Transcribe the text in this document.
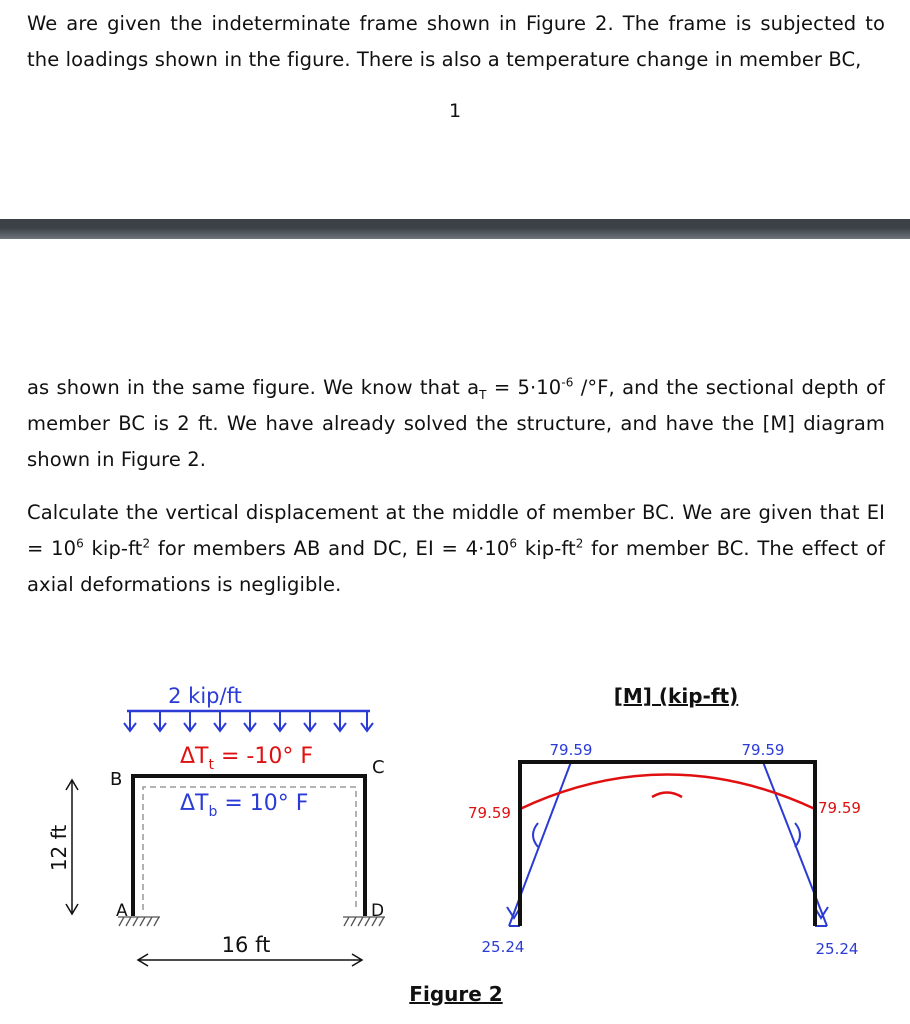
We are given the indeterminate frame shown in Figure 2. The frame is subjected to the loadings shown in the figure. There is also a temperature change in member BC,

1

as shown in the same figure. We know that $a_T = 5\cdot 10^{-6}$ /°F, and the sectional depth of member BC is 2 ft. We have already solved the structure, and have the [M] diagram shown in Figure 2.

Calculate the vertical displacement at the middle of member BC. We are given that EI = $10^6$ kip-$ft^2$ for members AB and DC, EI = $4\cdot 10^6$ kip-$ft^2$ for member BC. The effect of axial deformations is negligible.

2 kip/ft
$\Delta T_t = -10^\circ$ F
$\Delta T_b = 10^\circ$ F
B
C
A	D
12 ft
16 ft
[M] (kip-ft)
79.59	79.59
79.59	79.59
25.24	25.24
Figure 2
